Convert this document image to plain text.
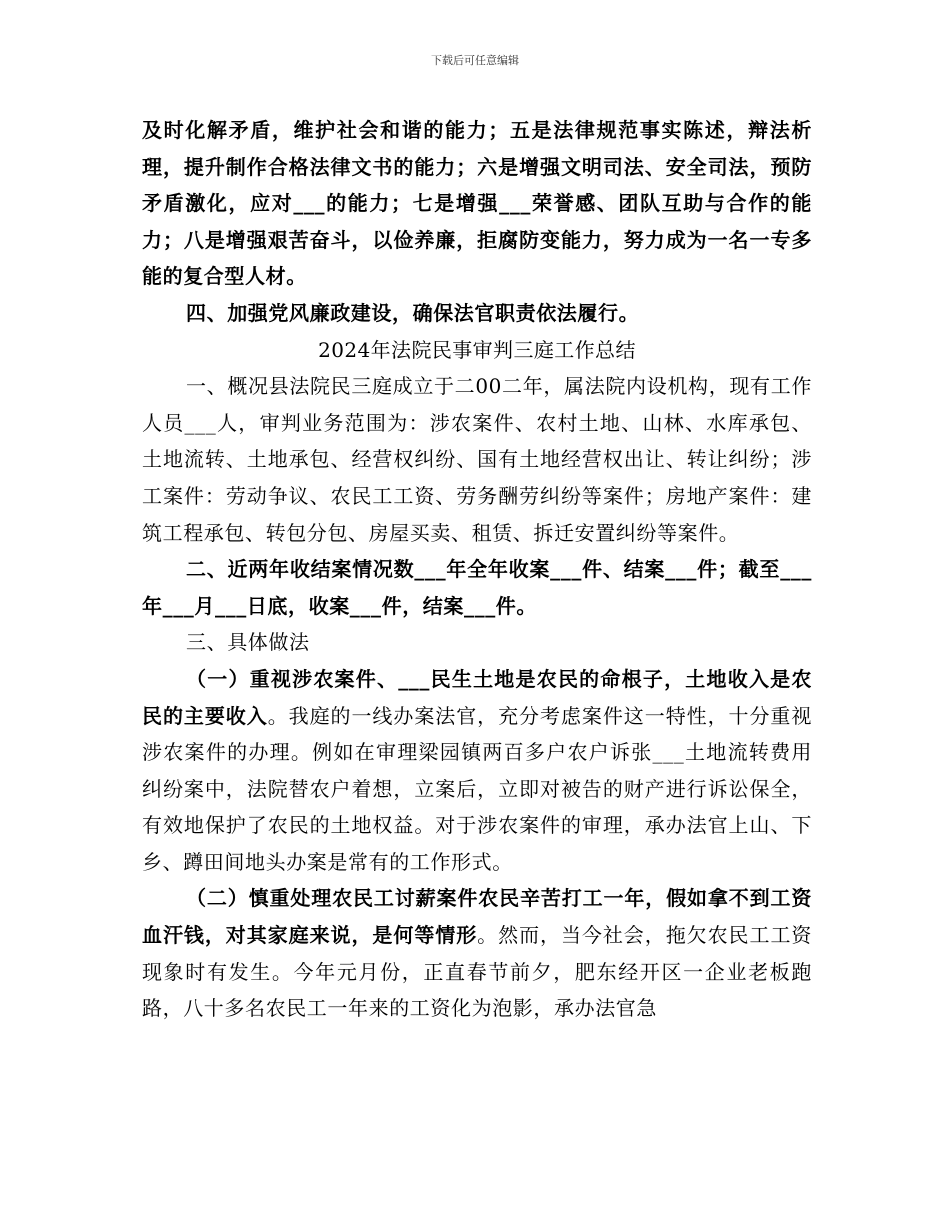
下载后可任意编辑

及时化解矛盾，维护社会和谐的能力；五是法律规范事实陈述，辩法析理，提升制作合格法律文书的能力；六是增强文明司法、安全司法，预防矛盾激化，应对___的能力；七是增强___荣誉感、团队互助与合作的能力；八是增强艰苦奋斗，以俭养廉，拒腐防变能力，努力成为一名一专多能的复合型人材。

四、加强党风廉政建设，确保法官职责依法履行。

2024年法院民事审判三庭工作总结

一、概况县法院民三庭成立于二00二年，属法院内设机构，现有工作人员___人，审判业务范围为：涉农案件、农村土地、山林、水库承包、土地流转、土地承包、经营权纠纷、国有土地经营权出让、转让纠纷；涉工案件：劳动争议、农民工工资、劳务酬劳纠纷等案件；房地产案件：建筑工程承包、转包分包、房屋买卖、租赁、拆迁安置纠纷等案件。

二、近两年收结案情况数___年全年收案___件、结案___件；截至___年___月___日底，收案___件，结案___件。

三、具体做法

（一）重视涉农案件、___民生土地是农民的命根子，土地收入是农民的主要收入。我庭的一线办案法官，充分考虑案件这一特性，十分重视涉农案件的办理。例如在审理梁园镇两百多户农户诉张___土地流转费用纠纷案中，法院替农户着想，立案后，立即对被告的财产进行诉讼保全，有效地保护了农民的土地权益。对于涉农案件的审理，承办法官上山、下乡、蹲田间地头办案是常有的工作形式。

（二）慎重处理农民工讨薪案件农民辛苦打工一年，假如拿不到工资血汗钱，对其家庭来说，是何等情形。然而，当今社会，拖欠农民工工资现象时有发生。今年元月份，正直春节前夕，肥东经开区一企业老板跑路，八十多名农民工一年来的工资化为泡影，承办法官急
